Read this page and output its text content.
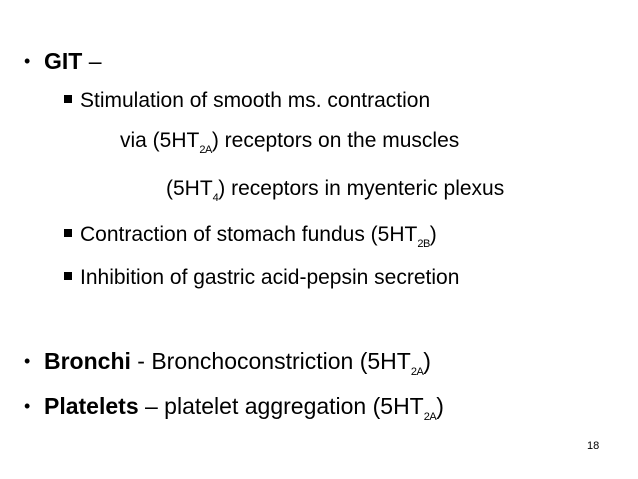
• GIT –
Stimulation of smooth ms. contraction
via $(5HT_{2A})$ receptors on the muscles
$(5HT_4)$ receptors in myenteric plexus
Contraction of stomach fundus $(5HT_{2B})$
Inhibition of gastric acid-pepsin secretion
• Bronchi - Bronchoconstriction $(5HT_{2A})$
• Platelets – platelet aggregation $(5HT_{2A})$
18
